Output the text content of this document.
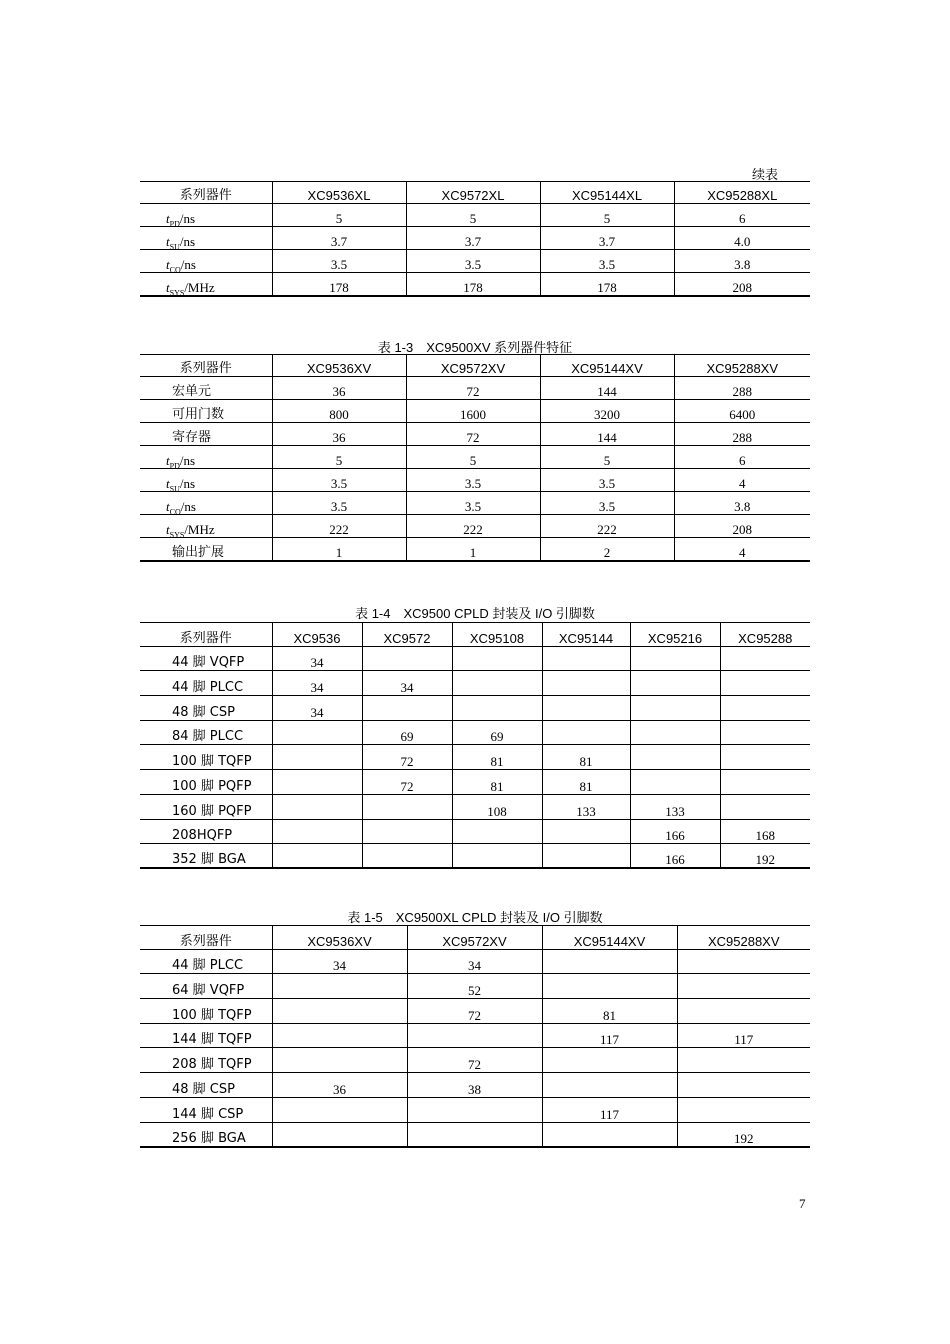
续表
系列器件	XC9536XL	XC9572XL	XC95144XL	XC95288XL
$t_{PD}/ns$	5	5	5	6
$t_{SU}/ns$	3.7	3.7	3.7	4.0
$t_{CO}/ns$	3.5	3.5	3.5	3.8
$t_{SYS}$/MHz	178	178	178	208
表 1-3　XC9500XV 系列器件特征
系列器件	XC9536XV	XC9572XV	XC95144XV	XC95288XV
宏单元	36	72	144	288
可用门数	800	1600	3200	6400
寄存器	36	72	144	288
$t_{PD}/ns$	5	5	5	6
$t_{SU}/ns$	3.5	3.5	3.5	4
$t_{CO}/ns$	3.5	3.5	3.5	3.8
$t_{SYS}$/MHz	222	222	222	208
输出扩展	1	1	2	4
表 1-4　XC9500 CPLD 封装及 I/O 引脚数
系列器件	XC9536	XC9572	XC95108	XC95144	XC95216	XC95288
44 脚 VQFP	34					
44 脚 PLCC	34	34				
48 脚 CSP	34					
84 脚 PLCC		69	69			
100 脚 TQFP		72	81	81		
100 脚 PQFP		72	81	81		
160 脚 PQFP			108	133	133	
208HQFP					166	168
352 脚 BGA					166	192
表 1-5　XC9500XL CPLD 封装及 I/O 引脚数
系列器件	XC9536XV	XC9572XV	XC95144XV	XC95288XV
44 脚 PLCC	34	34		
64 脚 VQFP		52		
100 脚 TQFP		72	81	
144 脚 TQFP			117	117
208 脚 TQFP		72		
48 脚 CSP	36	38		
144 脚 CSP			117	
256 脚 BGA				192
7
